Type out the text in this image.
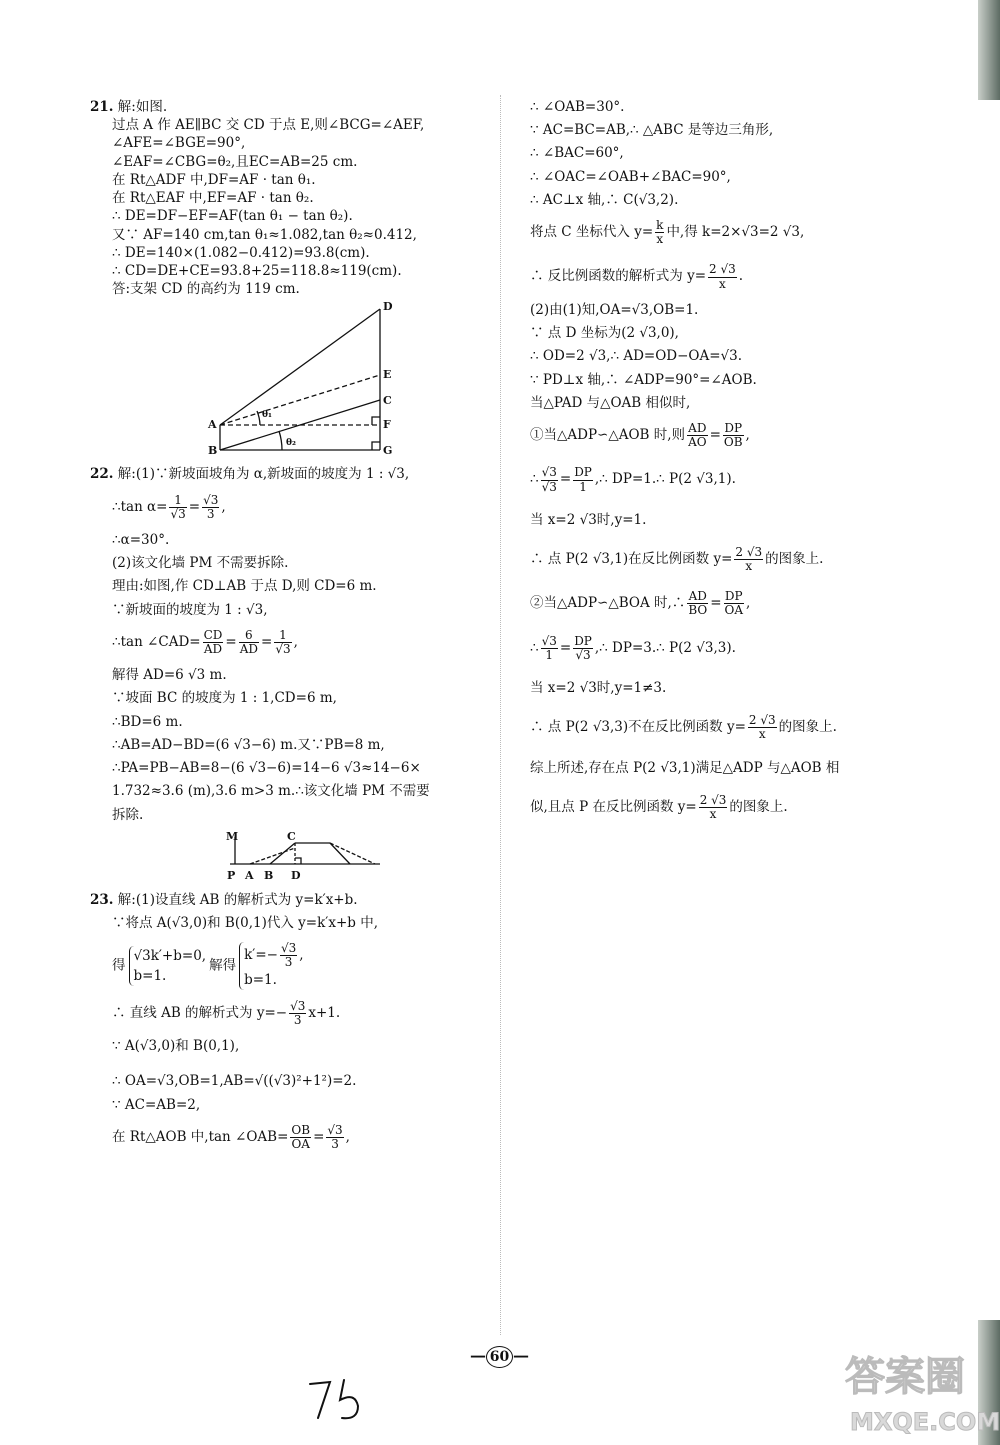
21. 解:如图.
过点 A 作 AE∥BC 交 CD 于点 E,则∠BCG=∠AEF,
∠AFE=∠BGE=90°,
∠EAF=∠CBG=θ₂,且EC=AB=25 cm.
在 Rt△ADF 中,DF=AF · tan θ₁.
在 Rt△EAF 中,EF=AF · tan θ₂.
∴ DE=DF−EF=AF(tan θ₁ − tan θ₂).
又∵ AF=140 cm,tan θ₁≈1.082,tan θ₂≈0.412,
∴ DE=140×(1.082−0.412)=93.8(cm).
∴ CD=DE+CE=93.8+25=118.8≈119(cm).
答:支架 CD 的高约为 119 cm.
D
E
C
F
G
A
B
θ₁
θ₂
22. 解:(1)∵新坡面坡角为 α,新坡面的坡度为 1 : √3,
∴tan $\alpha= \frac{1}{√3} = \frac{√3}{3}$ ,
∴α=30°.
(2)该文化墙 PM 不需要拆除.
理由:如图,作 CD⊥AB 于点 D,则 CD=6 m.
∵新坡面的坡度为 1 : √3,
∴tan ∠CAD= $\frac{CD}{AD} = \frac{6}{AD} = \frac{1}{√3}$ ,
解得 AD=6 √3 m.
∵坡面 BC 的坡度为 1 : 1,CD=6 m,
∴BD=6 m.
∴AB=AD−BD=(6 √3−6) m.又∵PB=8 m,
∴PA=PB−AB=8−(6 √3−6)=14−6 √3≈14−6×
1.732≈3.6 (m),3.6 m>3 m.∴该文化墙 PM 不需要
拆除.
M	C
P A B D
23. 解:(1)设直线 AB 的解析式为 y=k′x+b.
∵将点 A(√3,0)和 B(0,1)代入 y=k′x+b 中,
得
√3k′+b=0,
b=1.
解得
$k'=- \frac{√3}{3}$ ,
b=1.
∴ 直线 AB 的解析式为 $y=- \frac{√3}{3} x+1$.
∵ A(√3,0)和 B(0,1),
∴ OA=√3,OB=1,AB=√((√3)²+1²)=2.
∵ AC=AB=2,
在 Rt△AOB 中,tan ∠OAB= $\frac{OB}{OA} = \frac{√3}{3}$ ,
∴ ∠OAB=30°.
∵ AC=BC=AB,∴ △ABC 是等边三角形,
∴ ∠BAC=60°,
∴ ∠OAC=∠OAB+∠BAC=90°,
∴ AC⊥x 轴,∴ C(√3,2).
将点 C 坐标代入 $y= \frac{k}{x}$ 中,得 k=2×√3=2 √3,
∴ 反比例函数的解析式为 $y= \frac{2 √3}{x}$ .
(2)由(1)知,OA=√3,OB=1.
∵ 点 D 坐标为(2 √3,0),
∴ OD=2 √3,∴ AD=OD−OA=√3.
∵ PD⊥x 轴,∴ ∠ADP=90°=∠AOB.
当△PAD 与△OAB 相似时,
①当△ADP∽△AOB 时,则 $\frac{AD}{AO} = \frac{DP}{OB}$ ,
∴ $\frac{√3}{√3} = \frac{DP}{1}$ ,∴ DP=1.∴ P(2 √3,1).
当 x=2 √3时,y=1.
∴ 点 P(2 √3,1)在反比例函数 $y= \frac{2 √3}{x}$ 的图象上.
②当△ADP∽△BOA 时,∴ $\frac{AD}{BO} = \frac{DP}{OA}$ ,
∴ $\frac{√3}{1} = \frac{DP}{√3}$ ,∴ DP=3.∴ P(2 √3,3).
当 x=2 √3时,y=1≠3.
∴ 点 P(2 √3,3)不在反比例函数 $y= \frac{2 √3}{x}$ 的图象上.
综上所述,存在点 P(2 √3,1)满足△ADP 与△AOB 相
似,且点 P 在反比例函数 $y= \frac{2 √3}{x}$ 的图象上.
— 60 —
75	答案圈
MXQE.COM
